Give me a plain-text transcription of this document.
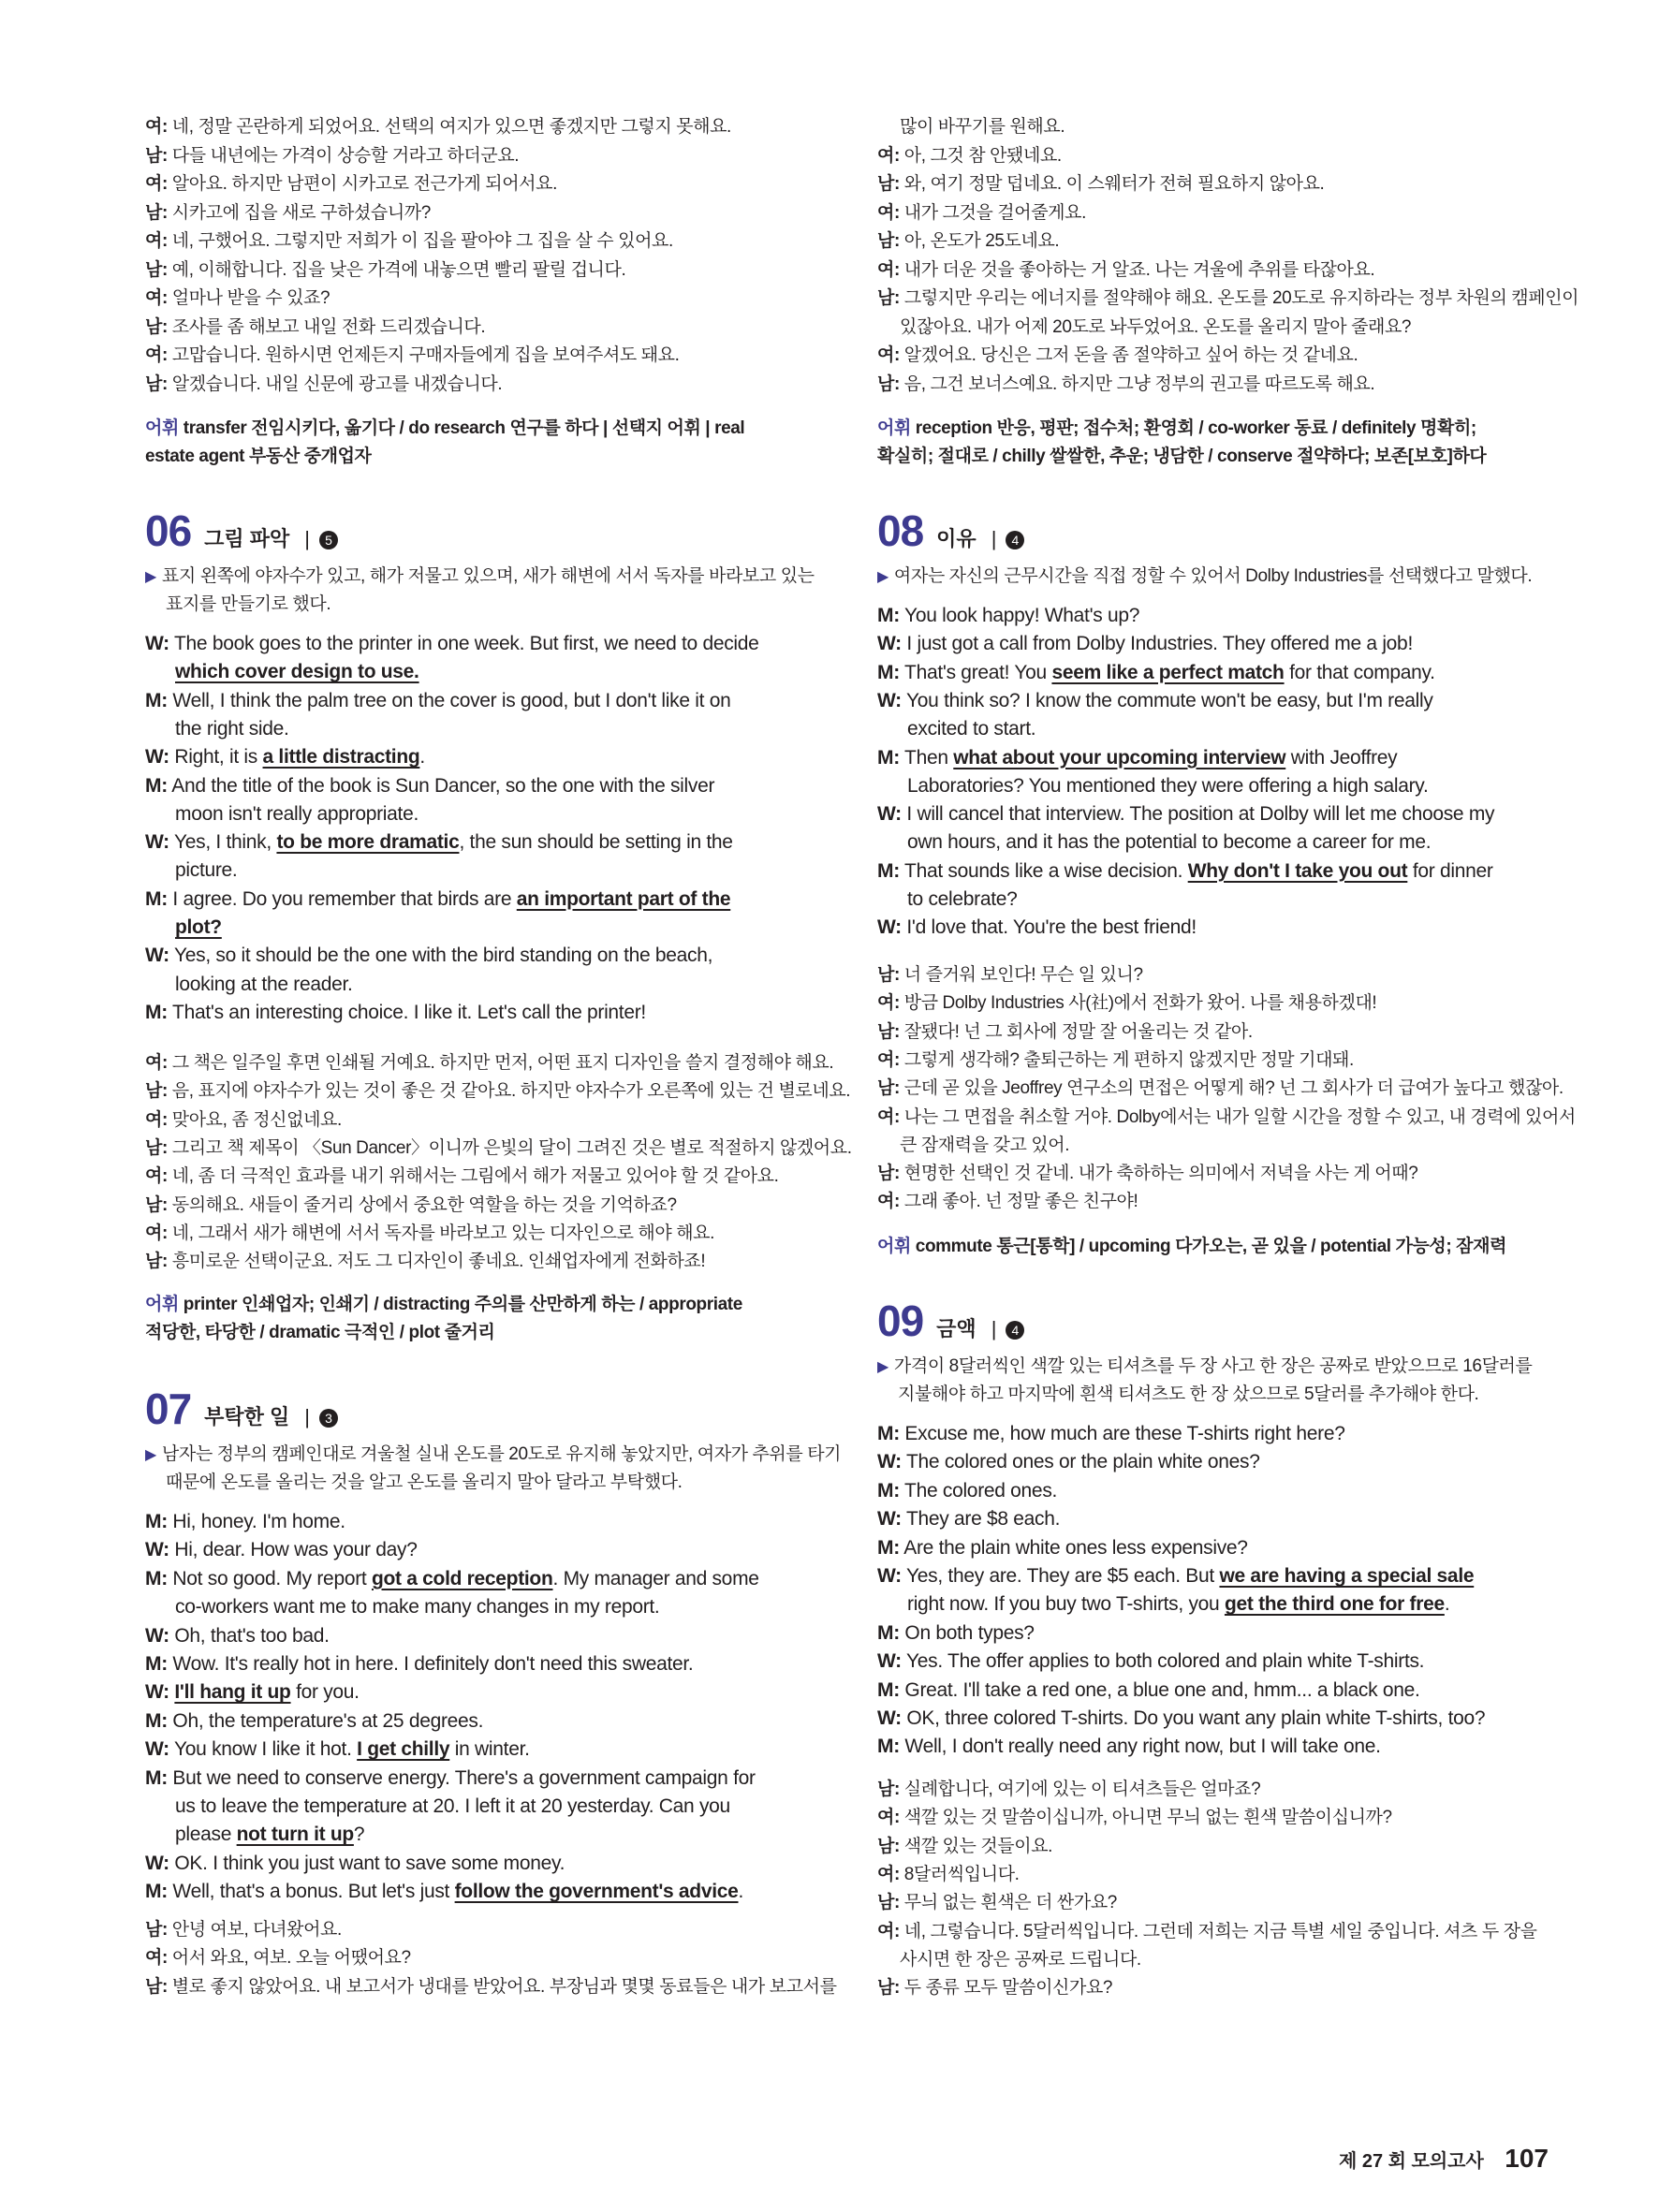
여: 네, 정말 곤란하게 되었어요. 선택의 여지가 있으면 좋겠지만 그렇지 못해요.
남: 다들 내년에는 가격이 상승할 거라고 하더군요.
여: 알아요. 하지만 남편이 시카고로 전근가게 되어서요.
남: 시카고에 집을 새로 구하셨습니까?
여: 네, 구했어요. 그렇지만 저희가 이 집을 팔아야 그 집을 살 수 있어요.
남: 예, 이해합니다. 집을 낮은 가격에 내놓으면 빨리 팔릴 겁니다.
여: 얼마나 받을 수 있죠?
남: 조사를 좀 해보고 내일 전화 드리겠습니다.
여: 고맙습니다. 원하시면 언제든지 구매자들에게 집을 보여주셔도 돼요.
남: 알겠습니다. 내일 신문에 광고를 내겠습니다.
어휘 transfer 전임시키다, 옮기다 / do research 연구를 하다 | 선택지 어휘 | real
estate agent 부동산 중개업자
06 그림 파악 |	5
▶ 표지 왼쪽에 야자수가 있고, 해가 저물고 있으며, 새가 해변에 서서 독자를 바라보고 있는
표지를 만들기로 했다.
W: The book goes to the printer in one week. But first, we need to decide
which cover design to use.
M: Well, I think the palm tree on the cover is good, but I don't like it on
the right side.
W: Right, it is a little distracting.
M: And the title of the book is Sun Dancer, so the one with the silver
moon isn't really appropriate.
W: Yes, I think, to be more dramatic, the sun should be setting in the
picture.
M: I agree. Do you remember that birds are an important part of the
plot?
W: Yes, so it should be the one with the bird standing on the beach,
looking at the reader.
M: That's an interesting choice. I like it. Let's call the printer!
여: 그 책은 일주일 후면 인쇄될 거예요. 하지만 먼저, 어떤 표지 디자인을 쓸지 결정해야 해요.
남: 음, 표지에 야자수가 있는 것이 좋은 것 같아요. 하지만 야자수가 오른쪽에 있는 건 별로네요.
여: 맞아요, 좀 정신없네요.
남: 그리고 책 제목이 〈Sun Dancer〉이니까 은빛의 달이 그려진 것은 별로 적절하지 않겠어요.
여: 네, 좀 더 극적인 효과를 내기 위해서는 그림에서 해가 저물고 있어야 할 것 같아요.
남: 동의해요. 새들이 줄거리 상에서 중요한 역할을 하는 것을 기억하죠?
여: 네, 그래서 새가 해변에 서서 독자를 바라보고 있는 디자인으로 해야 해요.
남: 흥미로운 선택이군요. 저도 그 디자인이 좋네요. 인쇄업자에게 전화하죠!
어휘 printer 인쇄업자; 인쇄기 / distracting 주의를 산만하게 하는 / appropriate
적당한, 타당한 / dramatic 극적인 / plot 줄거리
07 부탁한 일 |	3
▶ 남자는 정부의 캠페인대로 겨울철 실내 온도를 20도로 유지해 놓았지만, 여자가 추위를 타기
때문에 온도를 올리는 것을 알고 온도를 올리지 말아 달라고 부탁했다.
M: Hi, honey. I'm home.
W: Hi, dear. How was your day?
M: Not so good. My report got a cold reception. My manager and some
co-workers want me to make many changes in my report.
W: Oh, that's too bad.
M: Wow. It's really hot in here. I definitely don't need this sweater.
W: I'll hang it up for you.
M: Oh, the temperature's at 25 degrees.
W: You know I like it hot. I get chilly in winter.
M: But we need to conserve energy. There's a government campaign for
us to leave the temperature at 20. I left it at 20 yesterday. Can you
please not turn it up?
W: OK. I think you just want to save some money.
M: Well, that's a bonus. But let's just follow the government's advice.
남: 안녕 여보, 다녀왔어요.
여: 어서 와요, 여보. 오늘 어땠어요?
남: 별로 좋지 않았어요. 내 보고서가 냉대를 받았어요. 부장님과 몇몇 동료들은 내가 보고서를
많이 바꾸기를 원해요.
여: 아, 그것 참 안됐네요.
남: 와, 여기 정말 덥네요. 이 스웨터가 전혀 필요하지 않아요.
여: 내가 그것을 걸어줄게요.
남: 아, 온도가 25도네요.
여: 내가 더운 것을 좋아하는 거 알죠. 나는 겨울에 추위를 타잖아요.
남: 그렇지만 우리는 에너지를 절약해야 해요. 온도를 20도로 유지하라는 정부 차원의 캠페인이
있잖아요. 내가 어제 20도로 놔두었어요. 온도를 올리지 말아 줄래요?
여: 알겠어요. 당신은 그저 돈을 좀 절약하고 싶어 하는 것 같네요.
남: 음, 그건 보너스예요. 하지만 그냥 정부의 권고를 따르도록 해요.
어휘 reception 반응, 평판; 접수처; 환영회 / co-worker 동료 / definitely 명확히;
확실히; 절대로 / chilly 쌀쌀한, 추운; 냉담한 / conserve 절약하다; 보존[보호]하다
08 이유 |	4
▶ 여자는 자신의 근무시간을 직접 정할 수 있어서 Dolby Industries를 선택했다고 말했다.
M: You look happy! What's up?
W: I just got a call from Dolby Industries. They offered me a job!
M: That's great! You seem like a perfect match for that company.
W: You think so? I know the commute won't be easy, but I'm really
excited to start.
M: Then what about your upcoming interview with Jeoffrey
Laboratories? You mentioned they were offering a high salary.
W: I will cancel that interview. The position at Dolby will let me choose my
own hours, and it has the potential to become a career for me.
M: That sounds like a wise decision. Why don't I take you out for dinner
to celebrate?
W: I'd love that. You're the best friend!
남: 너 즐거워 보인다! 무슨 일 있니?
여: 방금 Dolby Industries 사(社)에서 전화가 왔어. 나를 채용하겠대!
남: 잘됐다! 넌 그 회사에 정말 잘 어울리는 것 같아.
여: 그렇게 생각해? 출퇴근하는 게 편하지 않겠지만 정말 기대돼.
남: 근데 곧 있을 Jeoffrey 연구소의 면접은 어떻게 해? 넌 그 회사가 더 급여가 높다고 했잖아.
여: 나는 그 면접을 취소할 거야. Dolby에서는 내가 일할 시간을 정할 수 있고, 내 경력에 있어서
큰 잠재력을 갖고 있어.
남: 현명한 선택인 것 같네. 내가 축하하는 의미에서 저녁을 사는 게 어때?
여: 그래 좋아. 넌 정말 좋은 친구야!
어휘 commute 통근[통학] / upcoming 다가오는, 곧 있을 / potential 가능성; 잠재력
09 금액 |	4
▶ 가격이 8달러씩인 색깔 있는 티셔츠를 두 장 사고 한 장은 공짜로 받았으므로 16달러를
지불해야 하고 마지막에 흰색 티셔츠도 한 장 샀으므로 5달러를 추가해야 한다.
M: Excuse me, how much are these T-shirts right here?
W: The colored ones or the plain white ones?
M: The colored ones.
W: They are $8 each.
M: Are the plain white ones less expensive?
W: Yes, they are. They are $5 each. But we are having a special sale
right now. If you buy two T-shirts, you get the third one for free.
M: On both types?
W: Yes. The offer applies to both colored and plain white T-shirts.
M: Great. I'll take a red one, a blue one and, hmm... a black one.
W: OK, three colored T-shirts. Do you want any plain white T-shirts, too?
M: Well, I don't really need any right now, but I will take one.
남: 실례합니다, 여기에 있는 이 티셔츠들은 얼마죠?
여: 색깔 있는 것 말씀이십니까, 아니면 무늬 없는 흰색 말씀이십니까?
남: 색깔 있는 것들이요.
여: 8달러씩입니다.
남: 무늬 없는 흰색은 더 싼가요?
여: 네, 그렇습니다. 5달러씩입니다. 그런데 저희는 지금 특별 세일 중입니다. 셔츠 두 장을
사시면 한 장은 공짜로 드립니다.
남: 두 종류 모두 말씀이신가요?
제 27 회 모의고사 107
